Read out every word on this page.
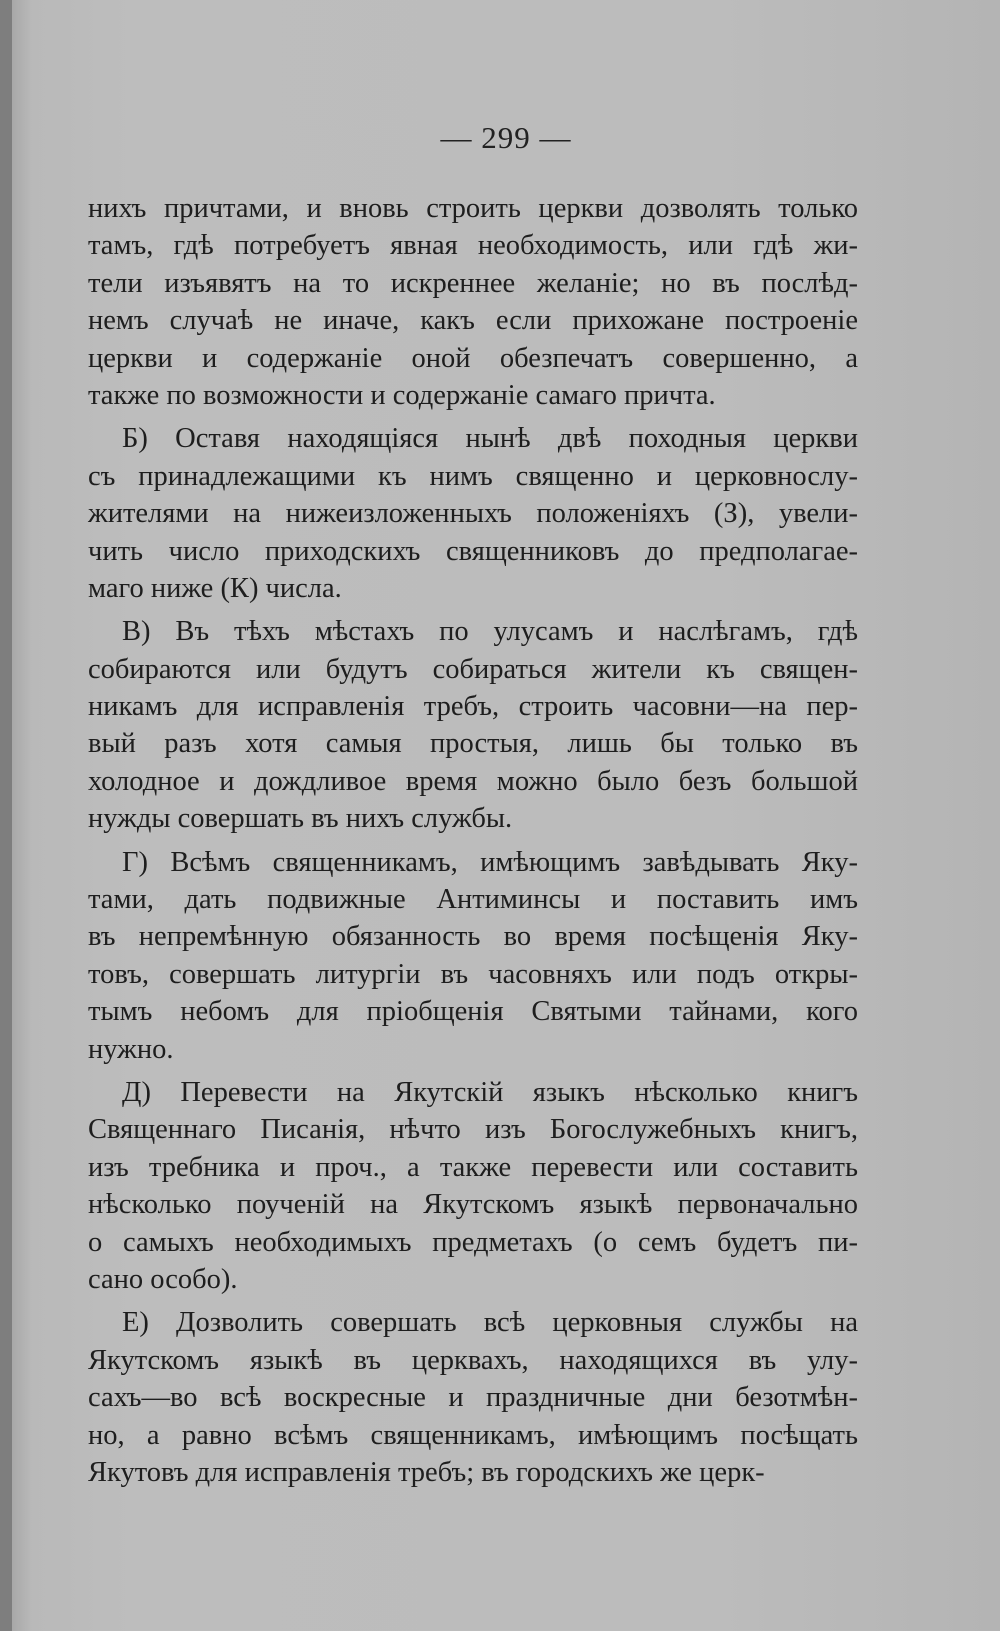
— 299 —
нихъ причтами, и вновь строить церкви дозволять только
тамъ, гдѣ потребуетъ явная необходимость, или гдѣ жи-
тели изъявятъ на то искреннее желаніе; но въ послѣд-
немъ случаѣ не иначе, какъ если прихожане построеніе
церкви и содержаніе оной обезпечатъ совершенно, а
также по возможности и содержаніе самаго причта.
Б) Оставя находящіяся нынѣ двѣ походныя церкви
съ принадлежащими къ нимъ священно и церковнослу-
жителями на нижеизложенныхъ положеніяхъ (З), увели-
чить число приходскихъ священниковъ до предполагае-
маго ниже (К) числа.
В) Въ тѣхъ мѣстахъ по улусамъ и наслѣгамъ, гдѣ
собираются или будутъ собираться жители къ священ-
никамъ для исправленія требъ, строить часовни—на пер-
вый разъ хотя самыя простыя, лишь бы только въ
холодное и дождливое время можно было безъ большой
нужды совершать въ нихъ службы.
Г) Всѣмъ священникамъ, имѣющимъ завѣдывать Яку-
тами, дать подвижные Антиминсы и поставить имъ
въ непремѣнную обязанность во время посѣщенія Яку-
товъ, совершать литургіи въ часовняхъ или подъ откры-
тымъ небомъ для пріобщенія Святыми тайнами, кого
нужно.
Д) Перевести на Якутскій языкъ нѣсколько книгъ
Священнаго Писанія, нѣчто изъ Богослужебныхъ книгъ,
изъ требника и проч., а также перевести или составить
нѣсколько поученій на Якутскомъ языкѣ первоначально
о самыхъ необходимыхъ предметахъ (о семъ будетъ пи-
сано особо).
Е) Дозволить совершать всѣ церковныя службы на
Якутскомъ языкѣ въ церквахъ, находящихся въ улу-
сахъ—во всѣ воскресные и праздничные дни безотмѣн-
но, а равно всѣмъ священникамъ, имѣющимъ посѣщать
Якутовъ для исправленія требъ; въ городскихъ же церк-
